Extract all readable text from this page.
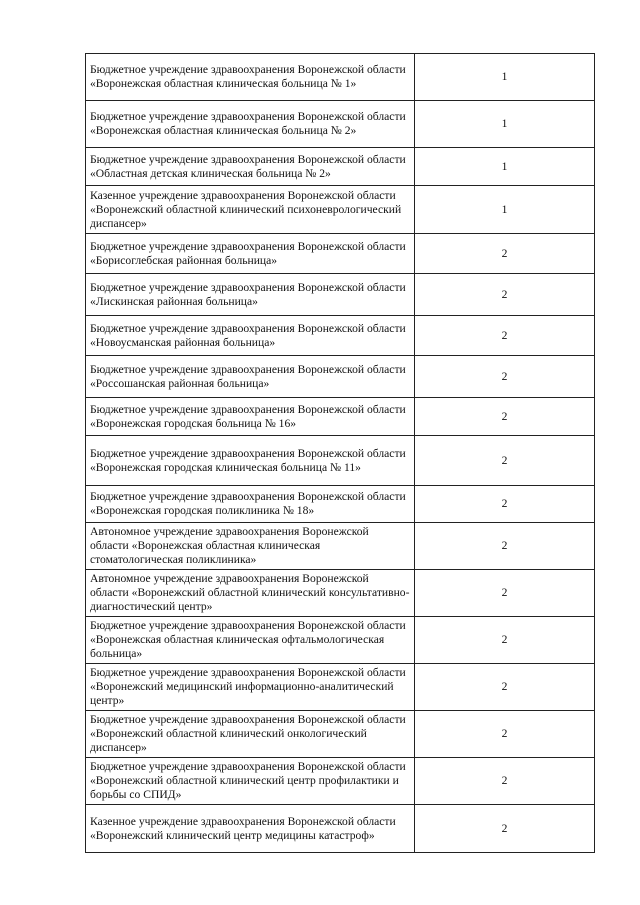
Бюджетное учреждение здравоохранения Воронежской области «Воронежская областная клиническая больница № 1»	1
Бюджетное учреждение здравоохранения Воронежской области «Воронежская областная клиническая больница № 2»	1
Бюджетное учреждение здравоохранения Воронежской области «Областная детская клиническая больница № 2»	1
Казенное учреждение здравоохранения Воронежской области «Воронежский областной клинический психоневрологический диспансер»	1
Бюджетное учреждение здравоохранения Воронежской области «Борисоглебская районная больница»	2
Бюджетное учреждение здравоохранения Воронежской области «Лискинская районная больница»	2
Бюджетное учреждение здравоохранения Воронежской области «Новоусманская районная больница»	2
Бюджетное учреждение здравоохранения Воронежской области «Россошанская районная больница»	2
Бюджетное учреждение здравоохранения Воронежской области «Воронежская городская больница № 16»	2
Бюджетное учреждение здравоохранения Воронежской области «Воронежская городская клиническая больница № 11»	2
Бюджетное учреждение здравоохранения Воронежской области «Воронежская городская поликлиника № 18»	2
Автономное учреждение здравоохранения Воронежской области «Воронежская областная клиническая стоматологическая поликлиника»	2
Автономное учреждение здравоохранения Воронежской области «Воронежский областной клинический консультативно-диагностический центр»	2
Бюджетное учреждение здравоохранения Воронежской области «Воронежская областная клиническая офтальмологическая больница»	2
Бюджетное учреждение здравоохранения Воронежской области «Воронежский медицинский информационно-аналитический центр»	2
Бюджетное учреждение здравоохранения Воронежской области «Воронежский областной клинический онкологический диспансер»	2
Бюджетное учреждение здравоохранения Воронежской области «Воронежский областной клинический центр профилактики и борьбы со СПИД»	2
Казенное учреждение здравоохранения Воронежской области «Воронежский клинический центр медицины катастроф»	2
